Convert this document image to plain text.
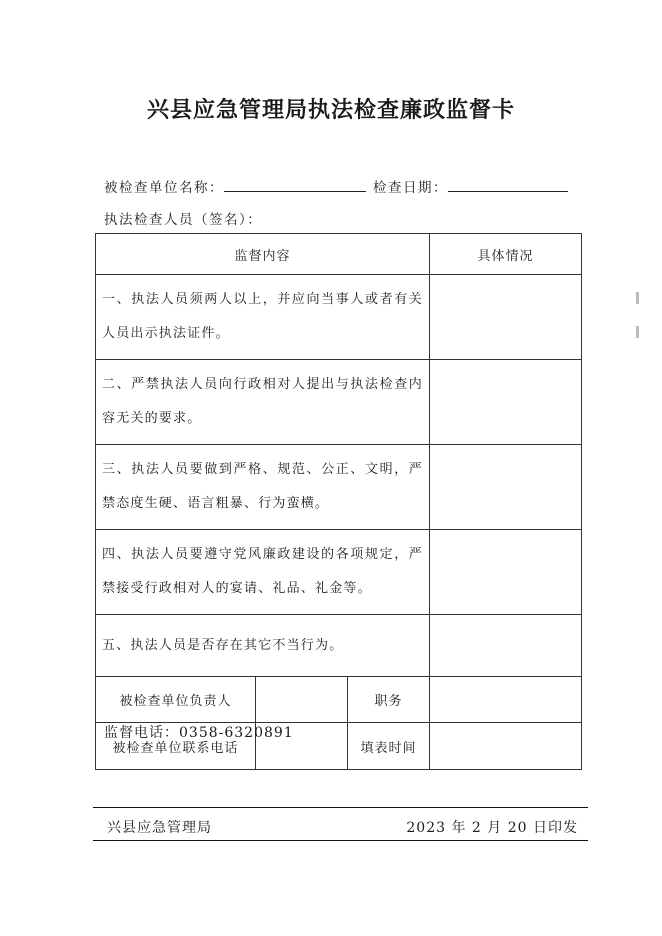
兴县应急管理局执法检查廉政监督卡
被检查单位名称：	检查日期：
执法检查人员（签名）：
监督内容			具体情况
一、执法人员须两人以上，并应向当事人或者有关人员出示执法证件。			
二、严禁执法人员向行政相对人提出与执法检查内容无关的要求。			
三、执法人员要做到严格、规范、公正、文明，严禁态度生硬、语言粗暴、行为蛮横。			
四、执法人员要遵守党风廉政建设的各项规定，严禁接受行政相对人的宴请、礼品、礼金等。			
五、执法人员是否存在其它不当行为。			
被检查单位负责人		职务	
被检查单位联系电话		填表时间	
监督电话：0358-6320891
兴县应急管理局	2023 年 2 月 20 日印发
